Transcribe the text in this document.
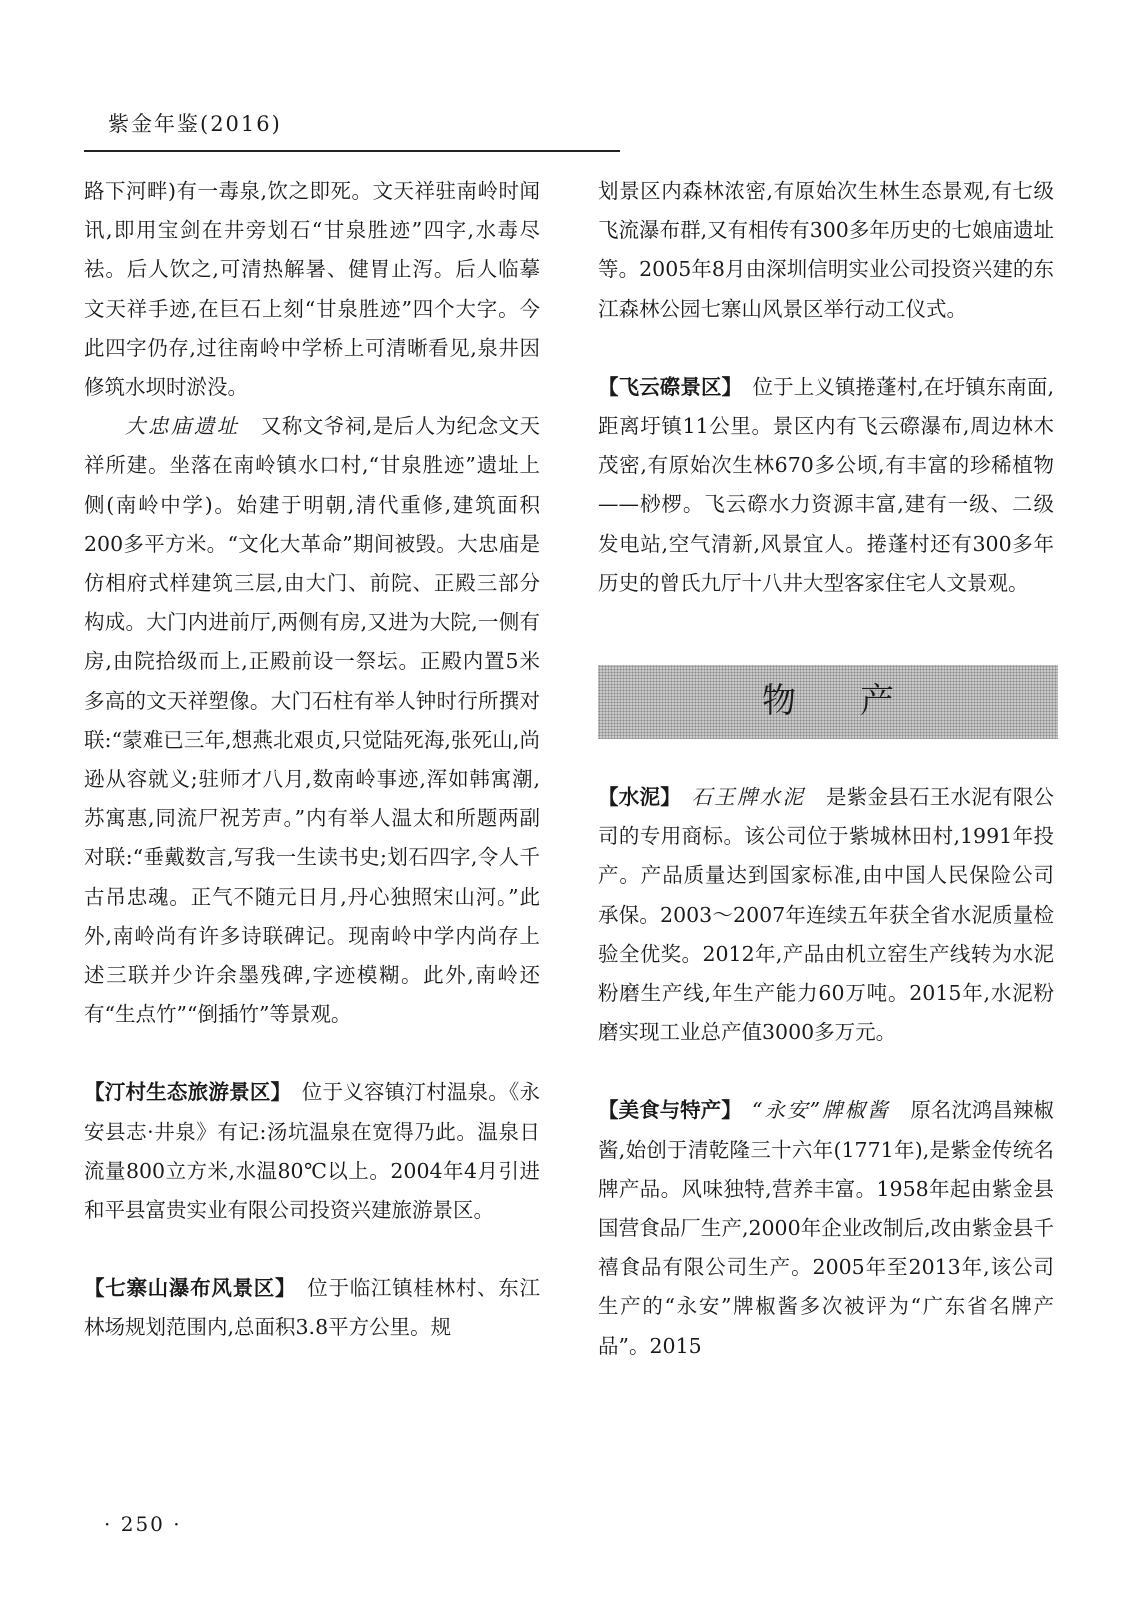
紫金年鉴(2016)

路下河畔)有一毒泉,饮之即死。文天祥驻南岭时闻讯,即用宝剑在井旁划石“甘泉胜迹”四字,水毒尽祛。后人饮之,可清热解暑、健胃止泻。后人临摹文天祥手迹,在巨石上刻“甘泉胜迹”四个大字。今此四字仍存,过往南岭中学桥上可清晰看见,泉井因修筑水坝时淤没。

大忠庙遗址　 又称文爷祠,是后人为纪念文天祥所建。坐落在南岭镇水口村,“甘泉胜迹”遗址上侧(南岭中学)。始建于明朝,清代重修,建筑面积200多平方米。“文化大革命”期间被毁。大忠庙是仿相府式样建筑三层,由大门、前院、正殿三部分构成。大门内进前厅,两侧有房,又进为大院,一侧有房,由院拾级而上,正殿前设一祭坛。正殿内置5米多高的文天祥塑像。大门石柱有举人钟时行所撰对联:“蒙难已三年,想燕北艰贞,只觉陆死海,张死山,尚逊从容就义;驻师才八月,数南岭事迹,浑如韩寓潮,苏寓惠,同流尸祝芳声。”内有举人温太和所题两副对联:“垂戴数言,写我一生读书史;划石四字,令人千古吊忠魂。正气不随元日月,丹心独照宋山河。”此外,南岭尚有许多诗联碑记。现南岭中学内尚存上述三联并少许余墨残碑,字迹模糊。此外,南岭还有“生点竹”“倒插竹”等景观。

【汀村生态旅游景区】　 位于义容镇汀村温泉。《永安县志·井泉》有记:汤坑温泉在宽得乃此。温泉日流量800立方米,水温80℃以上。2004年4月引进和平县富贵实业有限公司投资兴建旅游景区。

【七寨山瀑布风景区】　 位于临江镇桂林村、东江林场规划范围内,总面积3.8平方公里。规

划景区内森林浓密,有原始次生林生态景观,有七级飞流瀑布群,又有相传有300多年历史的七娘庙遗址等。2005年8月由深圳信明实业公司投资兴建的东江森林公园七寨山风景区举行动工仪式。

【飞云磜景区】　 位于上义镇捲蓬村,在圩镇东南面,距离圩镇11公里。景区内有飞云磜瀑布,周边林木茂密,有原始次生林670多公顷,有丰富的珍稀植物——桫椤。飞云磜水力资源丰富,建有一级、二级发电站,空气清新,风景宜人。捲蓬村还有300多年历史的曾氏九厅十八井大型客家住宅人文景观。

物产

【水泥】　 石王牌水泥　 是紫金县石王水泥有限公司的专用商标。该公司位于紫城林田村,1991年投产。产品质量达到国家标准,由中国人民保险公司承保。2003～2007年连续五年获全省水泥质量检验全优奖。2012年,产品由机立窑生产线转为水泥粉磨生产线,年生产能力60万吨。2015年,水泥粉磨实现工业总产值3000多万元。

【美食与特产】　 “永安”牌椒酱　 原名沈鸿昌辣椒酱,始创于清乾隆三十六年(1771年),是紫金传统名牌产品。风味独特,营养丰富。1958年起由紫金县国营食品厂生产,2000年企业改制后,改由紫金县千禧食品有限公司生产。2005年至2013年,该公司生产的“永安”牌椒酱多次被评为“广东省名牌产品”。2015

· 250 ·
